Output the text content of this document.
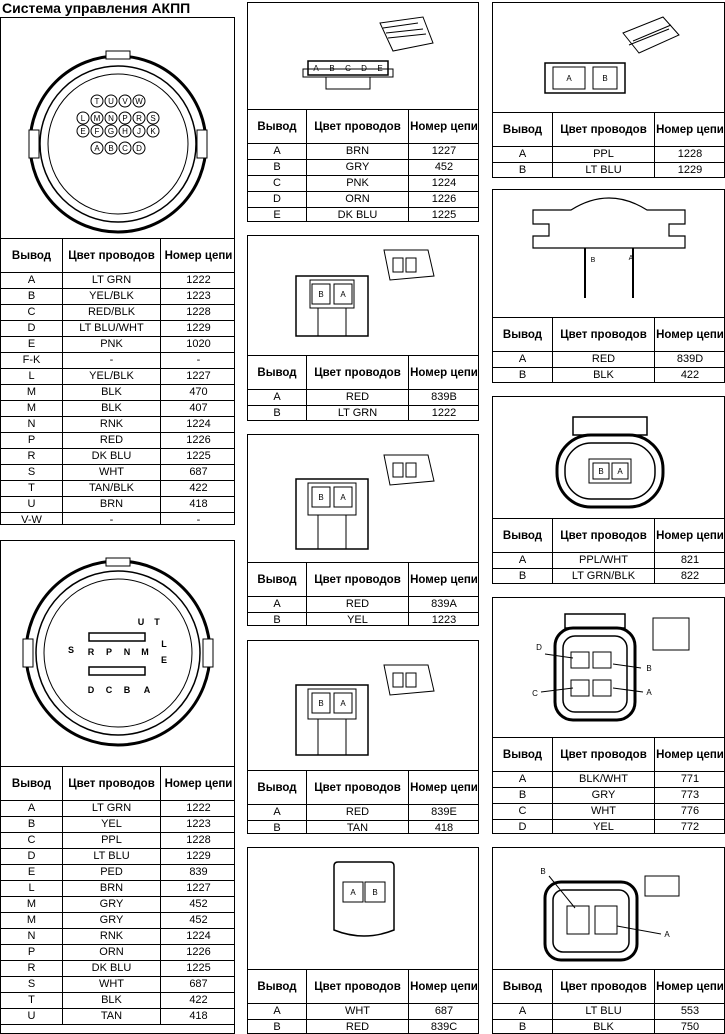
Система управления АКПП
T U V W
L M N P R S
E F G H J K
A B C D
Вывод	Цвет проводов	Номер цепи
A	LT GRN	1222
B	YEL/BLK	1223
C	RED/BLK	1228
D	LT BLU/WHT	1229
E	PNK	1020
F-K	-	-
L	YEL/BLK	1227
M	BLK	470
M	BLK	407
N	RNK	1224
P	RED	1226
R	DK BLU	1225
S	WHT	687
T	TAN/BLK	422
U	BRN	418
V-W	-	-
U T
S R P N M
L
E
D C B A
Вывод	Цвет проводов	Номер цепи
A	LT GRN	1222
B	YEL	1223
C	PPL	1228
D	LT BLU	1229
E	PED	839
L	BRN	1227
M	GRY	452
M	GRY	452
N	RNK	1224
P	ORN	1226
R	DK BLU	1225
S	WHT	687
T	BLK	422
U	TAN	418
A B C D E
Вывод	Цвет проводов	Номер цепи
A	BRN	1227
B	GRY	452
C	PNK	1224
D	ORN	1226
E	DK BLU	1225
B A
Вывод	Цвет проводов	Номер цепи
A	RED	839B
B	LT GRN	1222
B A
Вывод	Цвет проводов	Номер цепи
A	RED	839A
B	YEL	1223
B A
Вывод	Цвет проводов	Номер цепи
A	RED	839E
B	TAN	418
A B
Вывод	Цвет проводов	Номер цепи
A	WHT	687
B	RED	839C
A	B
Вывод	Цвет проводов	Номер цепи
A	PPL	1228
B	LT BLU	1229
B	A
Вывод	Цвет проводов	Номер цепи
A	RED	839D
B	BLK	422
B A
Вывод	Цвет проводов	Номер цепи
A	PPL/WHT	821
B	LT GRN/BLK	822
D
B
C	A
Вывод	Цвет проводов	Номер цепи
A	BLK/WHT	771
B	GRY	773
C	WHT	776
D	YEL	772
B
A
Вывод	Цвет проводов	Номер цепи
A	LT BLU	553
B	BLK	750
